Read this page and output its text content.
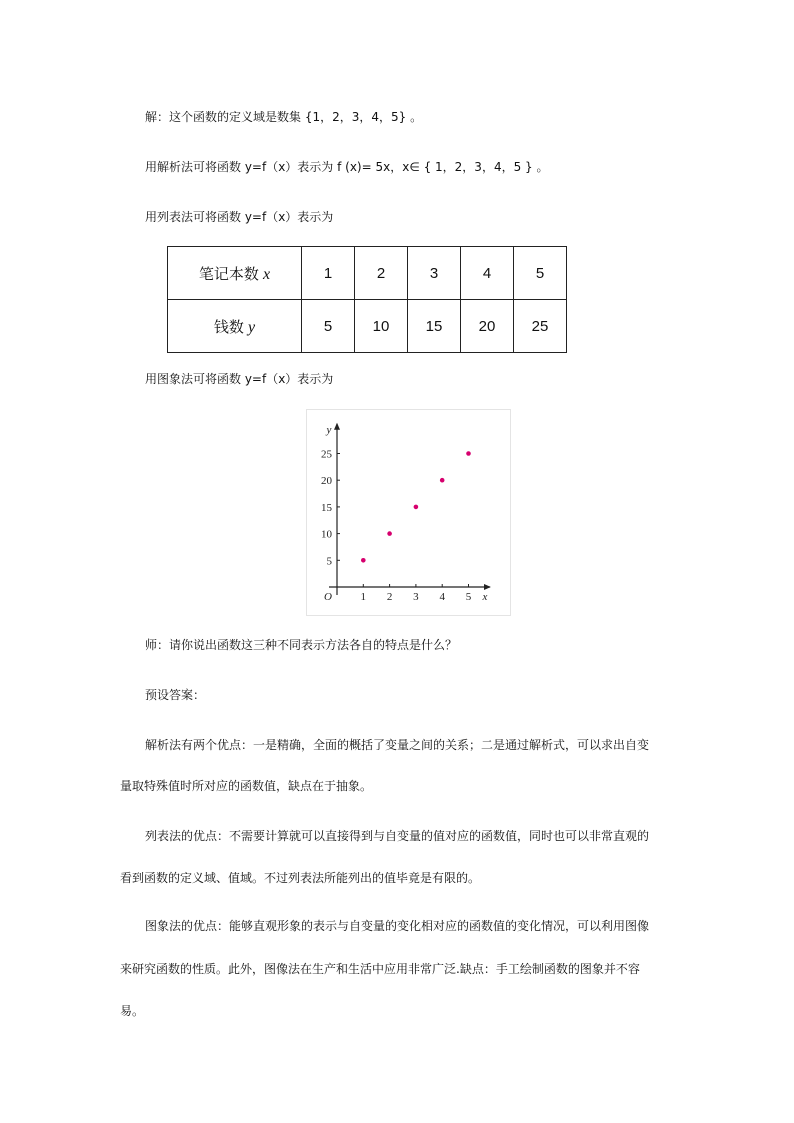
解：这个函数的定义域是数集 {1，2，3，4，5} 。
用解析法可将函数 y=f（x）表示为 f (x)= 5x，x∈ { 1，2，3，4，5 } 。
用列表法可将函数 y=f（x）表示为
笔记本数 x	1	2	3	4	5
钱数 y	5	10	15	20	25
用图象法可将函数 y=f（x）表示为
1 2 3 4 5
5
10
15
20
25
O	x
y
师：请你说出函数这三种不同表示方法各自的特点是什么？
预设答案：
解析法有两个优点：一是精确，全面的概括了变量之间的关系；二是通过解析式，可以求出自变
量取特殊值时所对应的函数值，缺点在于抽象。
列表法的优点：不需要计算就可以直接得到与自变量的值对应的函数值，同时也可以非常直观的
看到函数的定义域、值域。不过列表法所能列出的值毕竟是有限的。
图象法的优点：能够直观形象的表示与自变量的变化相对应的函数值的变化情况，可以利用图像
来研究函数的性质。此外，图像法在生产和生活中应用非常广泛.缺点：手工绘制函数的图象并不容
易。
